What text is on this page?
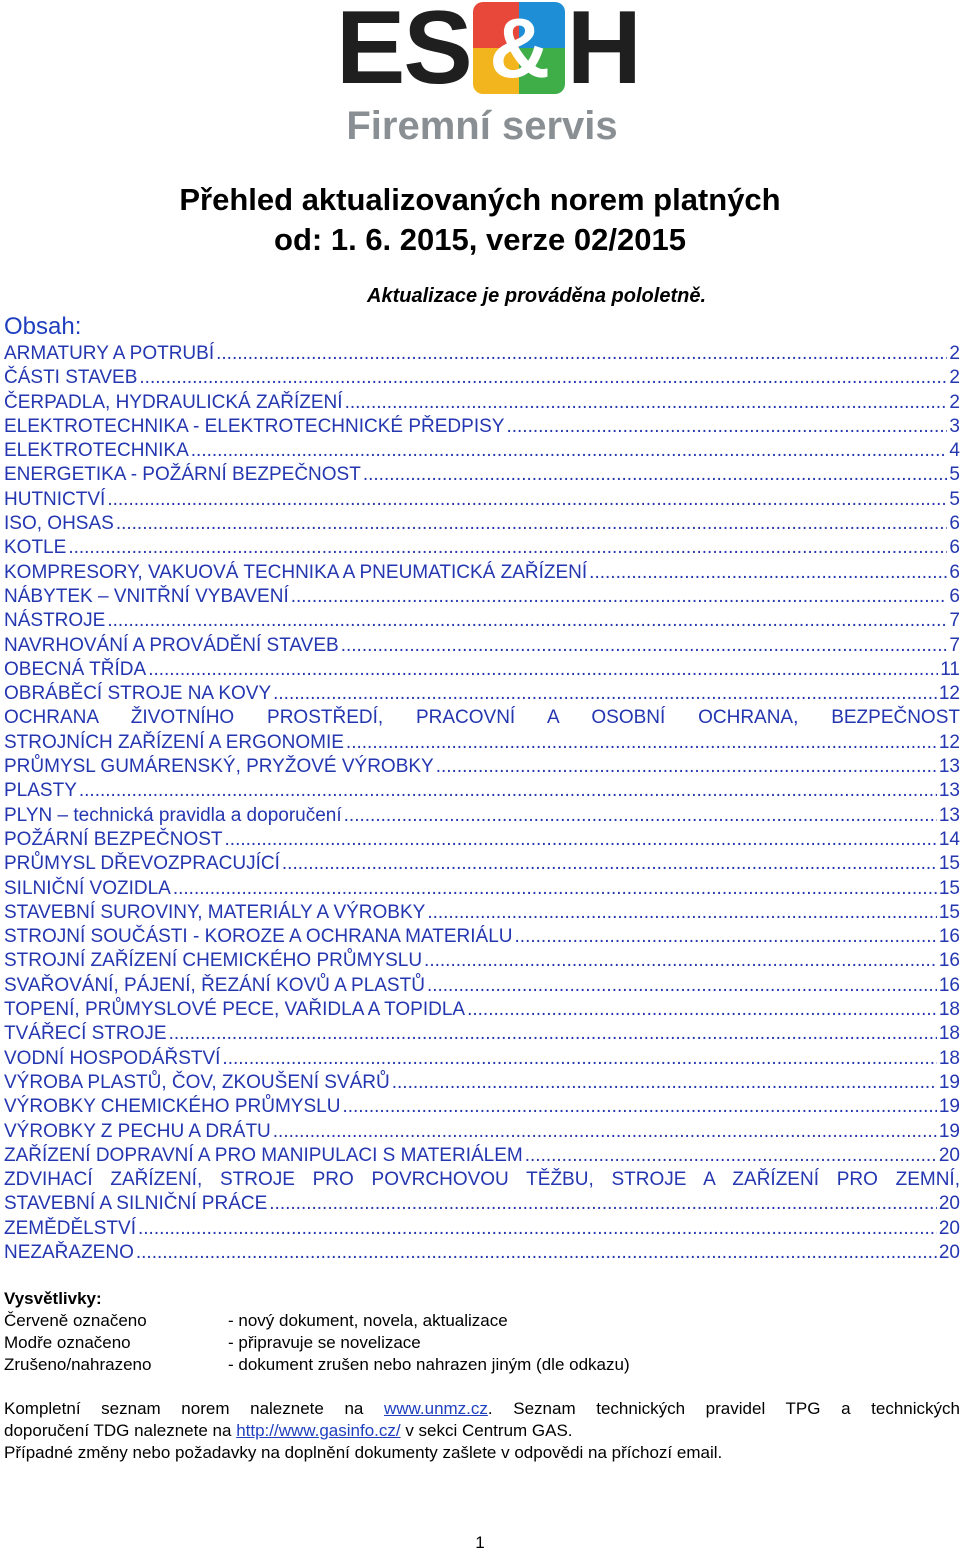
ES & H
Firemní servis
Přehled aktualizovaných norem platných
od: 1. 6. 2015, verze 02/2015
Aktualizace je prováděna pololetně.
Obsah:
ARMATURY A POTRUBÍ .....	2
ČÁSTI STAVEB .....	2
ČERPADLA, HYDRAULICKÁ ZAŘÍZENÍ .....	2
ELEKTROTECHNIKA - ELEKTROTECHNICKÉ PŘEDPISY .....	3
ELEKTROTECHNIKA .....	4
ENERGETIKA - POŽÁRNÍ BEZPEČNOST .....	5
HUTNICTVÍ .....	5
ISO, OHSAS .....	6
KOTLE .....	6
KOMPRESORY, VAKUOVÁ TECHNIKA A PNEUMATICKÁ ZAŘÍZENÍ .....	6
NÁBYTEK – VNITŘNÍ VYBAVENÍ .....	6
NÁSTROJE .....	7
NAVRHOVÁNÍ A PROVÁDĚNÍ STAVEB .....	7
OBECNÁ TŘÍDA .....	11
OBRÁBĚCÍ STROJE NA KOVY .....	12
OCHRANA ŽIVOTNÍHO PROSTŘEDÍ, PRACOVNÍ A OSOBNÍ OCHRANA, BEZPEČNOST
STROJNÍCH ZAŘÍZENÍ A ERGONOMIE .....	12
PRŮMYSL GUMÁRENSKÝ, PRYŽOVÉ VÝROBKY .....	13
PLASTY .....	13
PLYN – technická pravidla a doporučení .....	13
POŽÁRNÍ BEZPEČNOST .....	14
PRŮMYSL DŘEVOZPRACUJÍCÍ .....	15
SILNIČNÍ VOZIDLA .....	15
STAVEBNÍ SUROVINY, MATERIÁLY A VÝROBKY .....	15
STROJNÍ SOUČÁSTI - KOROZE A OCHRANA MATERIÁLU .....	16
STROJNÍ ZAŘÍZENÍ CHEMICKÉHO PRŮMYSLU .....	16
SVAŘOVÁNÍ, PÁJENÍ, ŘEZÁNÍ KOVŮ A PLASTŮ .....	16
TOPENÍ, PRŮMYSLOVÉ PECE, VAŘIDLA A TOPIDLA .....	18
TVÁŘECÍ STROJE .....	18
VODNÍ HOSPODÁŘSTVÍ .....	18
VÝROBA PLASTŮ, ČOV, ZKOUŠENÍ SVÁRŮ .....	19
VÝROBKY CHEMICKÉHO PRŮMYSLU .....	19
VÝROBKY Z PECHU A DRÁTU .....	19
ZAŘÍZENÍ DOPRAVNÍ A PRO MANIPULACI S MATERIÁLEM .....	20
ZDVIHACÍ ZAŘÍZENÍ, STROJE PRO POVRCHOVOU TĚŽBU, STROJE A ZAŘÍZENÍ PRO ZEMNÍ,
STAVEBNÍ A SILNIČNÍ PRÁCE .....	20
ZEMĚDĚLSTVÍ .....	20
NEZAŘAZENO .....	20
Vysvětlivky:
Červeně označeno	- nový dokument, novela, aktualizace
Modře označeno	- připravuje se novelizace
Zrušeno/nahrazeno	- dokument zrušen nebo nahrazen jiným (dle odkazu)
Kompletní seznam norem naleznete na www.unmz.cz. Seznam technických pravidel TPG a technických
doporučení TDG naleznete na http://www.gasinfo.cz/ v sekci Centrum GAS.
Případné změny nebo požadavky na doplnění dokumenty zašlete v odpovědi na příchozí email.
1
